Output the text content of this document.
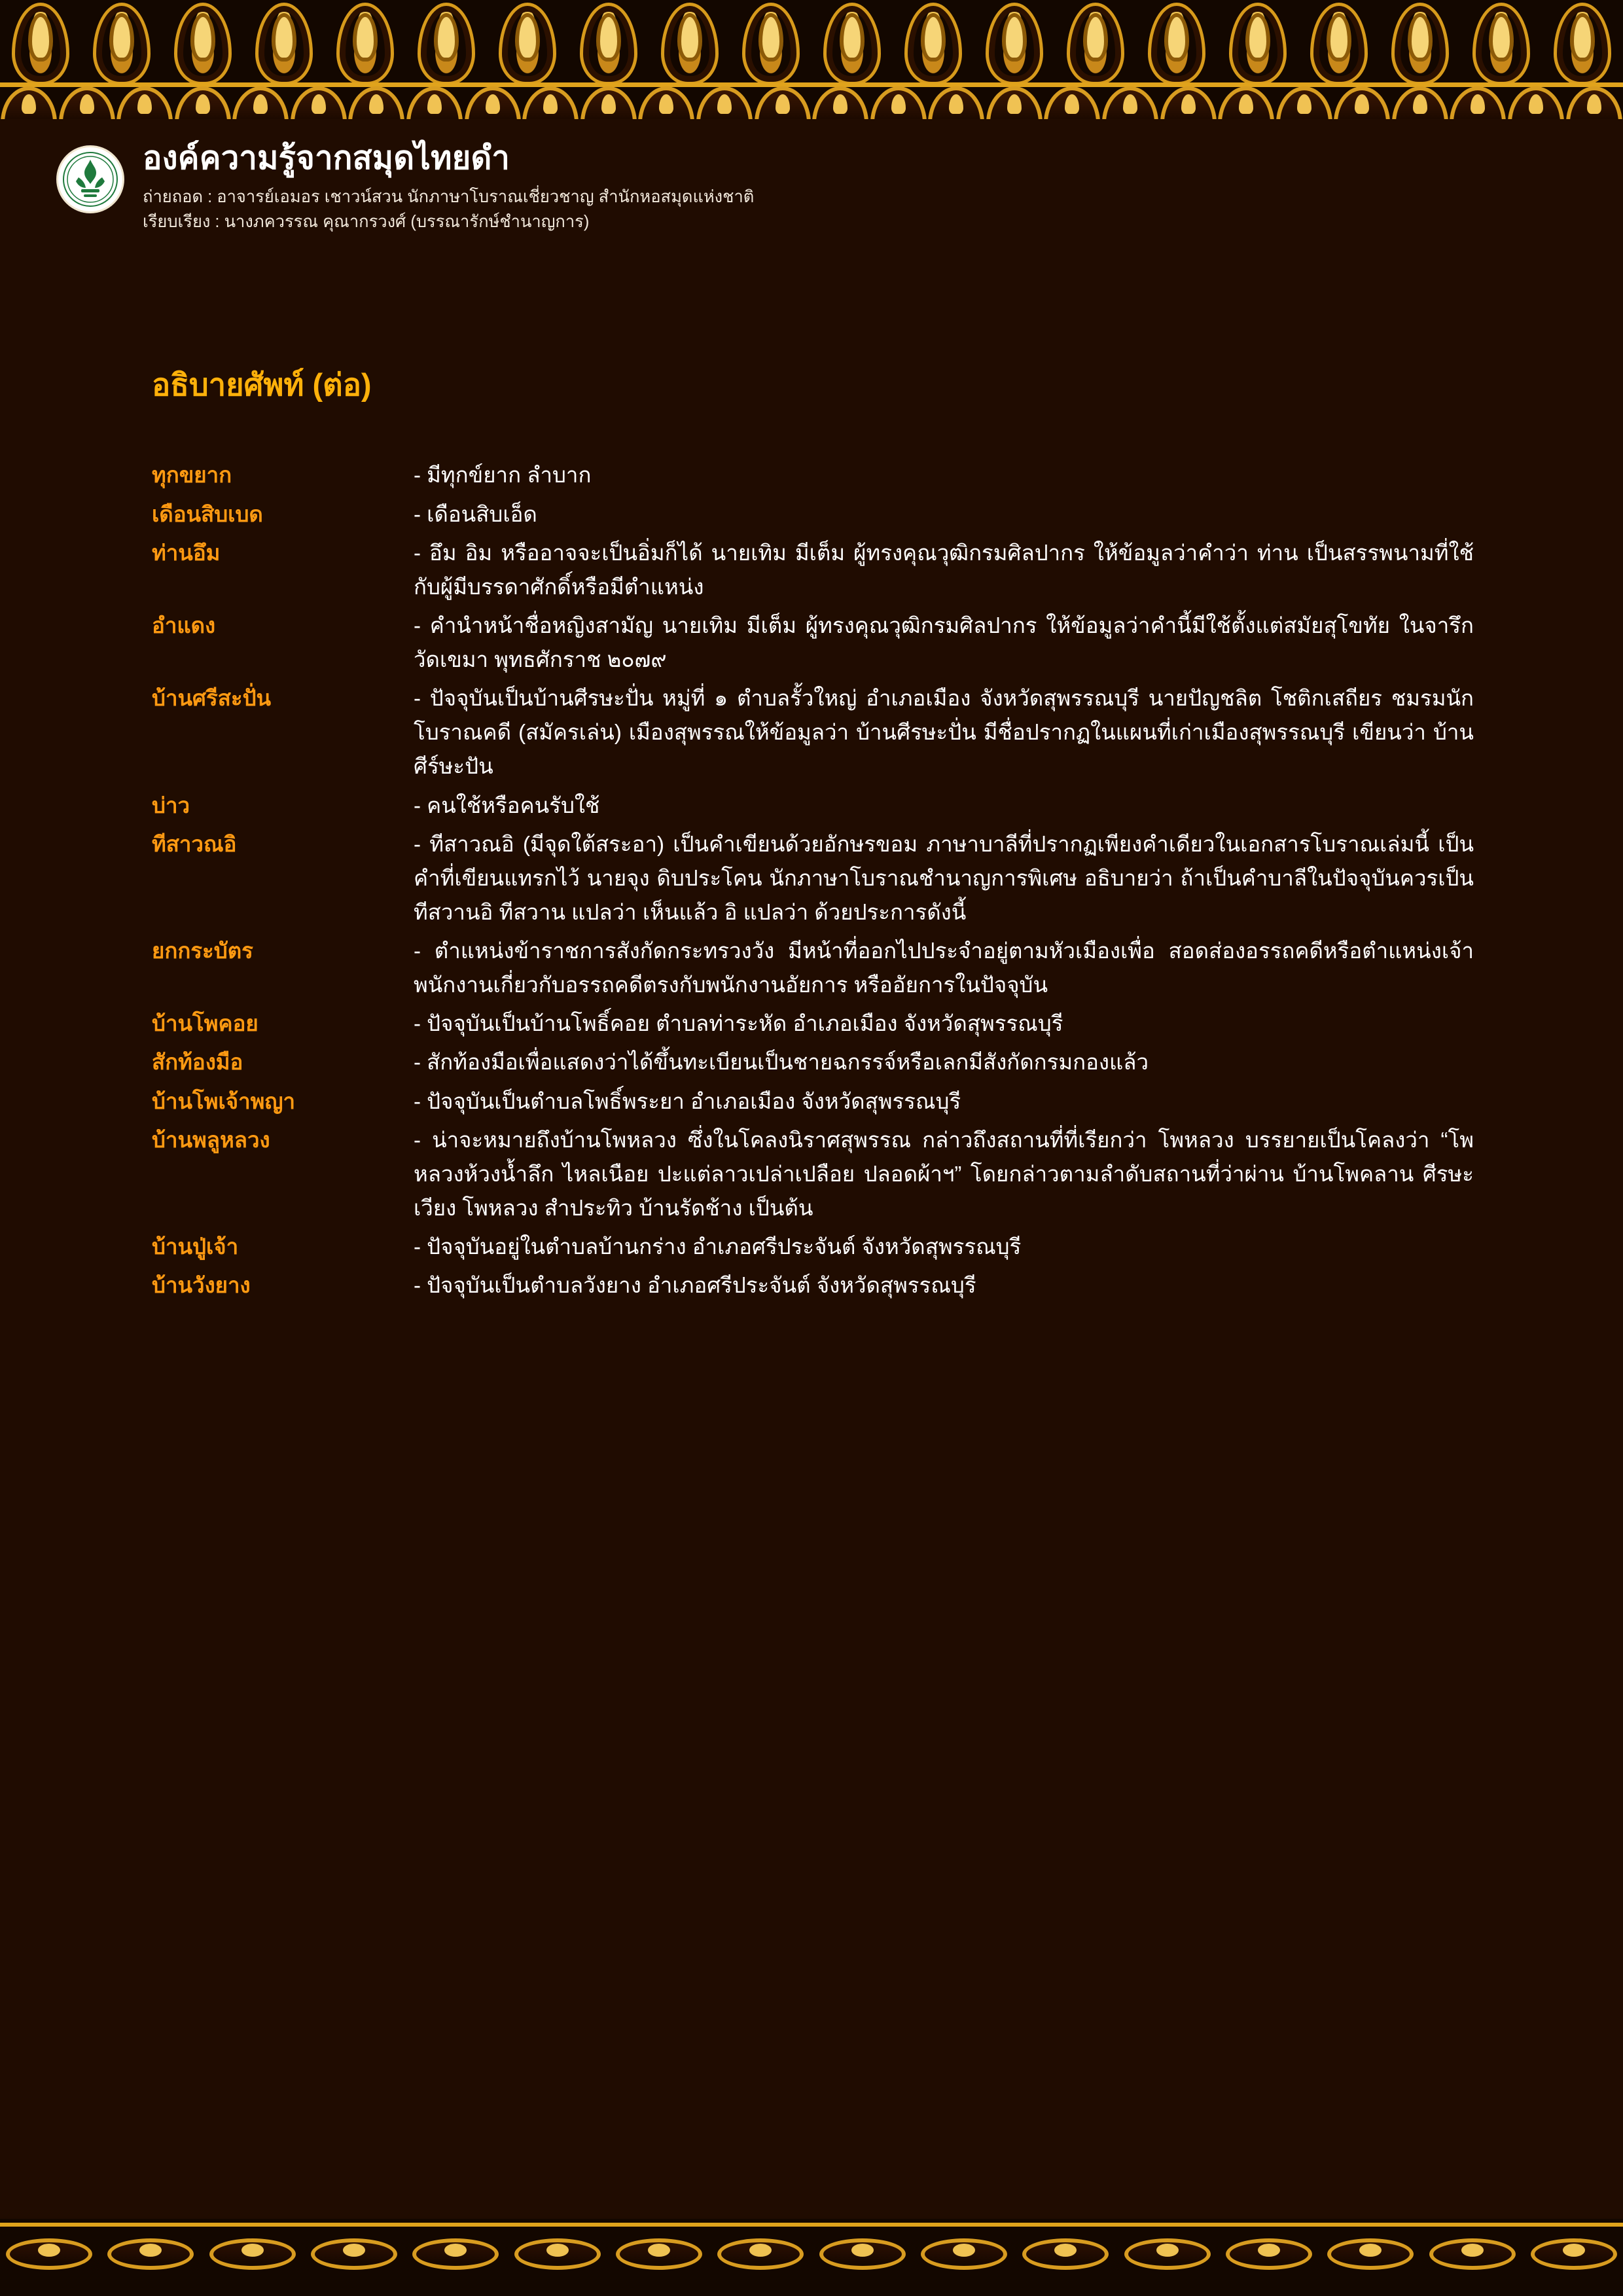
องค์ความรู้จากสมุดไทยดำ
ถ่ายถอด : อาจารย์เอมอร เชาวน์สวน นักภาษาโบราณเชี่ยวชาญ สำนักหอสมุดแห่งชาติ
เรียบเรียง : นางภควรรณ คุณากรวงศ์ (บรรณารักษ์ชำนาญการ)
อธิบายศัพท์ (ต่อ)
ทุกขยาก	- มีทุกข์ยาก ลำบาก
เดือนสิบเบด	- เดือนสิบเอ็ด
ท่านอึม	- อึม อิม หรืออาจจะเป็นอิ่มก็ได้ นายเทิม มีเต็ม ผู้ทรงคุณวุฒิกรมศิลปากร ให้ข้อมูลว่าคำว่า ท่าน เป็นสรรพนามที่ใช้กับผู้มีบรรดาศักดิ์หรือมีตำแหน่ง
อำแดง	- คำนำหน้าชื่อหญิงสามัญ นายเทิม มีเต็ม ผู้ทรงคุณวุฒิกรมศิลปากร ให้ข้อมูลว่าคำนี้มีใช้ตั้งแต่สมัยสุโขทัย ในจารึกวัดเขมา พุทธศักราช ๒๐๗๙
บ้านศรีสะปั่น	- ปัจจุบันเป็นบ้านศีรษะปั่น หมู่ที่ ๑ ตำบลรั้วใหญ่ อำเภอเมือง จังหวัดสุพรรณบุรี นายปัญชลิต โชติกเสถียร ชมรมนักโบราณคดี (สมัครเล่น) เมืองสุพรรณให้ข้อมูลว่า บ้านศีรษะปั่น มีชื่อปรากฏในแผนที่เก่าเมืองสุพรรณบุรี เขียนว่า บ้านศีร์ษะปัน
บ่าว	- คนใช้หรือคนรับใช้
ทีสาวณอิ	- ทีสาวณอิ (มีจุดใต้สระอา) เป็นคำเขียนด้วยอักษรขอม ภาษาบาลีที่ปรากฏเพียงคำเดียวในเอกสารโบราณเล่มนี้ เป็นคำที่เขียนแทรกไว้ นายจุง ดิบประโคน นักภาษาโบราณชำนาญการพิเศษ อธิบายว่า ถ้าเป็นคำบาลีในปัจจุบันควรเป็น ทีสวานอิ ทีสวาน แปลว่า เห็นแล้ว อิ แปลว่า ด้วยประการดังนี้
ยกกระบัตร	- ตำแหน่งข้าราชการสังกัดกระทรวงวัง มีหน้าที่ออกไปประจำอยู่ตามหัวเมืองเพื่อ สอดส่องอรรถคดีหรือตำแหน่งเจ้าพนักงานเกี่ยวกับอรรถคดีตรงกับพนักงานอัยการ หรืออัยการในปัจจุบัน
บ้านโพคอย	- ปัจจุบันเป็นบ้านโพธิ์คอย ตำบลท่าระหัด อำเภอเมือง จังหวัดสุพรรณบุรี
สักท้องมือ	- สักท้องมือเพื่อแสดงว่าได้ขึ้นทะเบียนเป็นชายฉกรรจ์หรือเลกมีสังกัดกรมกองแล้ว
บ้านโพเจ้าพญา	- ปัจจุบันเป็นตำบลโพธิ์พระยา อำเภอเมือง จังหวัดสุพรรณบุรี
บ้านพลูหลวง	- น่าจะหมายถึงบ้านโพหลวง ซึ่งในโคลงนิราศสุพรรณ กล่าวถึงสถานที่ที่เรียกว่า โพหลวง บรรยายเป็นโคลงว่า “โพหลวงห้วงน้ำลึก ไหลเนือย ปะแต่ลาวเปล่าเปลือย ปลอดผ้าฯ” โดยกล่าวตามลำดับสถานที่ว่าผ่าน บ้านโพคลาน ศีรษะเวียง โพหลวง สำประทิว บ้านรัดช้าง เป็นต้น
บ้านปู่เจ้า	- ปัจจุบันอยู่ในตำบลบ้านกร่าง อำเภอศรีประจันต์ จังหวัดสุพรรณบุรี
บ้านวังยาง	- ปัจจุบันเป็นตำบลวังยาง อำเภอศรีประจันต์ จังหวัดสุพรรณบุรี
